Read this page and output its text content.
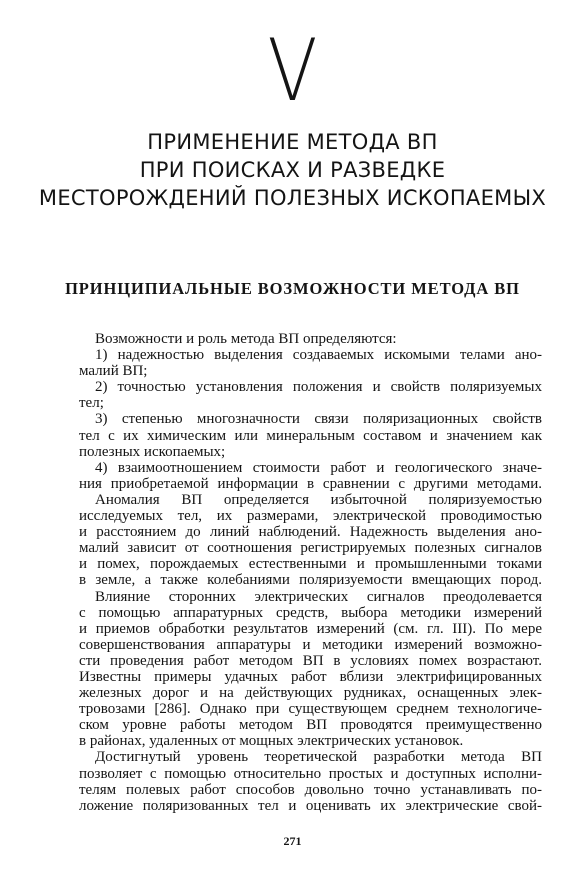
V
ПРИМЕНЕНИЕ МЕТОДА ВП
ПРИ ПОИСКАХ И РАЗВЕДКЕ
МЕСТОРОЖДЕНИЙ ПОЛЕЗНЫХ ИСКОПАЕМЫХ
ПРИНЦИПИАЛЬНЫЕ ВОЗМОЖНОСТИ МЕТОДА ВП
Возможности и роль метода ВП определяются:
1) надежностью выделения создаваемых искомыми телами ано-
малий ВП;
2) точностью установления положения и свойств поляризуемых
тел;
3) степенью многозначности связи поляризационных свойств
тел с их химическим или минеральным составом и значением как
полезных ископаемых;
4) взаимоотношением стоимости работ и геологического значе-
ния приобретаемой информации в сравнении с другими методами.
Аномалия ВП определяется избыточной поляризуемостью
исследуемых тел, их размерами, электрической проводимостью
и расстоянием до линий наблюдений. Надежность выделения ано-
малий зависит от соотношения регистрируемых полезных сигналов
и помех, порождаемых естественными и промышленными токами
в земле, а также колебаниями поляризуемости вмещающих пород.
Влияние сторонних электрических сигналов преодолевается
с помощью аппаратурных средств, выбора методики измерений
и приемов обработки результатов измерений (см. гл. III). По мере
совершенствования аппаратуры и методики измерений возможно-
сти проведения работ методом ВП в условиях помех возрастают.
Известны примеры удачных работ вблизи электрифицированных
железных дорог и на действующих рудниках, оснащенных элек-
тровозами [286]. Однако при существующем среднем технологиче-
ском уровне работы методом ВП проводятся преимущественно
в районах, удаленных от мощных электрических установок.
Достигнутый уровень теоретической разработки метода ВП
позволяет с помощью относительно простых и доступных исполни-
телям полевых работ способов довольно точно устанавливать по-
ложение поляризованных тел и оценивать их электрические свой-
271
